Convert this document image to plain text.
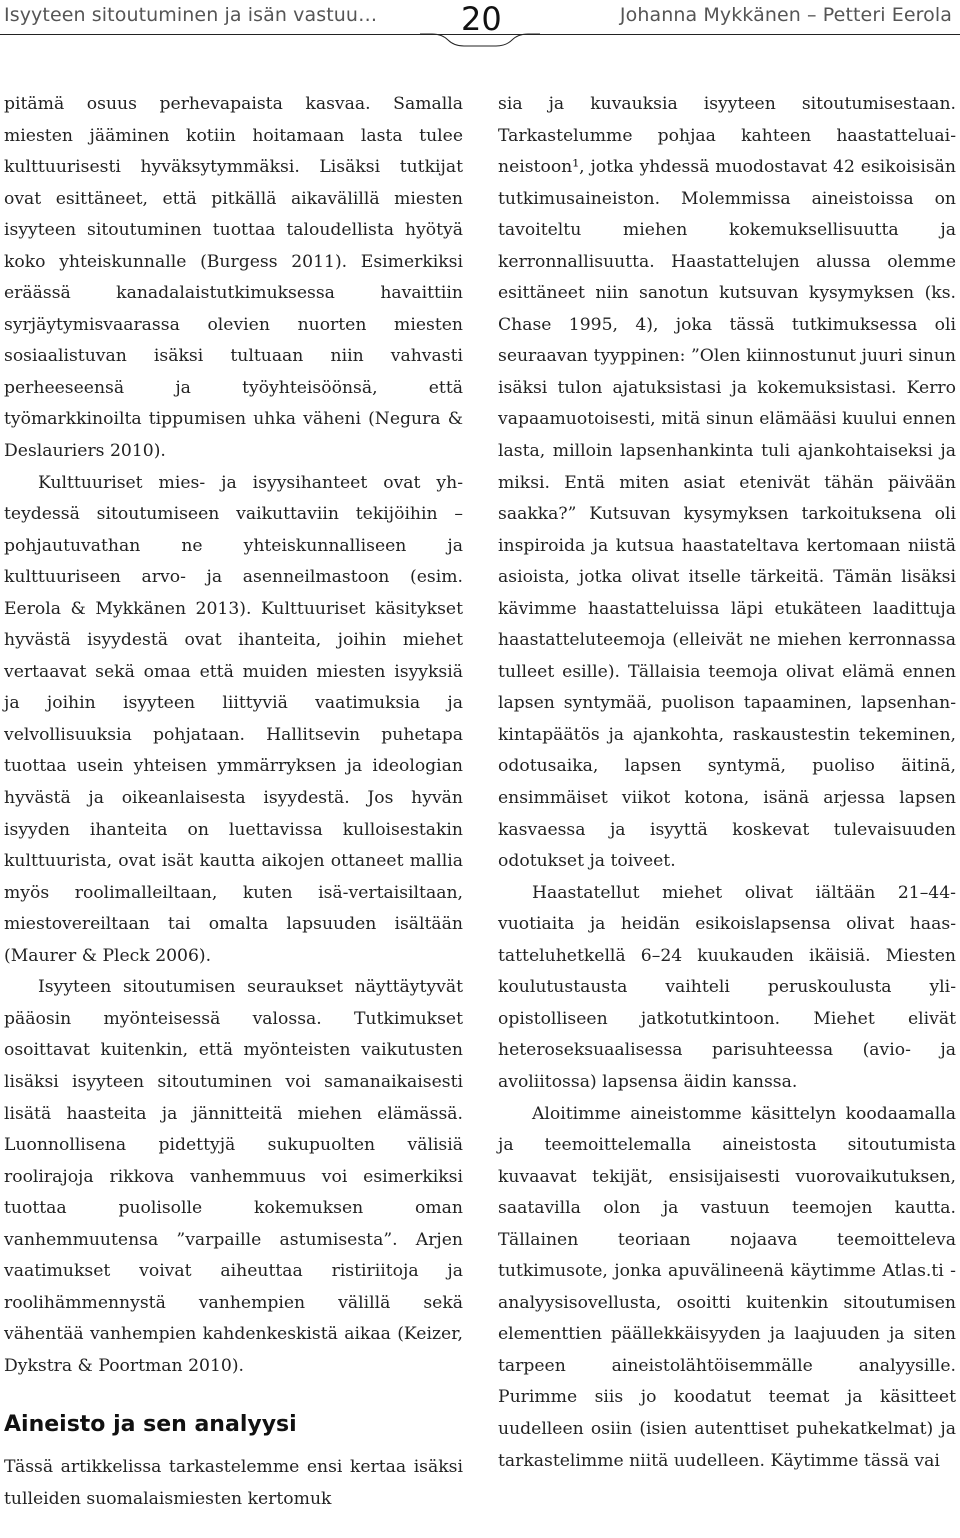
Isyyteen sitoutuminen ja isän vastuu…	20	Johanna Mykkänen – Petteri Eerola

pitämä osuus perhevapaista kasvaa. Samalla miesten jääminen kotiin hoitamaan lasta tulee kulttuurisesti hyväksytymmäksi. Lisäksi tutkijat ovat esittäneet, että pitkällä aikavälillä miesten isyyteen sitoutuminen tuottaa taloudellista hyötyä koko yhteiskunnalle (Burgess 2011). Esimerkiksi eräässä kanadalaistutkimuksessa havaittiin syrjäytymisvaarassa olevien nuorten miesten sosiaalistuvan isäksi tultuaan niin vahvasti perheeseensä ja työyhteisöönsä, että työmarkkinoilta tippumisen uhka väheni (Negura & Deslauriers 2010).

Kulttuuriset mies- ja isyysihanteet ovat yhteydessä sitoutumiseen vaikuttaviin tekijöihin – pohjautuvathan ne yhteiskunnalliseen ja kulttuuriseen arvo- ja asenneilmastoon (esim. Eerola & Mykkänen 2013). Kulttuuriset käsitykset hyvästä isyydestä ovat ihanteita, joihin miehet vertaavat sekä omaa että muiden miesten isyyksiä ja joihin isyyteen liittyviä vaatimuksia ja velvollisuuksia pohjataan. Hallitsevin puhetapa tuottaa usein yhteisen ymmärryksen ja ideologian hyvästä ja oikeanlaisesta isyydestä. Jos hyvän isyyden ihanteita on luettavissa kulloisestakin kulttuurista, ovat isät kautta aikojen ottaneet mallia myös roolimalleiltaan, kuten isä-vertaisiltaan, miestovereiltaan tai omalta lapsuuden isältään (Maurer & Pleck 2006).

Isyyteen sitoutumisen seuraukset näyttäytyvät pääosin myönteisessä valossa. Tutkimukset osoittavat kuitenkin, että myönteisten vaikutusten lisäksi isyyteen sitoutuminen voi samanaikaisesti lisätä haasteita ja jännitteitä miehen elämässä. Luonnollisena pidettyjä sukupuolten välisiä roolirajoja rikkova vanhemmuus voi esimerkiksi tuottaa puolisolle kokemuksen oman vanhemmuutensa ”varpaille astumisesta”. Arjen vaatimukset voivat aiheuttaa ristiriitoja ja roolihämmennystä vanhempien välillä sekä vähentää vanhempien kahdenkeskistä aikaa (Keizer, Dykstra & Poortman 2010).

Aineisto ja sen analyysi

Tässä artikkelissa tarkastelemme ensi kertaa isäksi tulleiden suomalaismiesten kertomuk

sia ja kuvauksia isyyteen sitoutumisestaan. Tarkastelumme pohjaa kahteen haastatteluaineistoon¹, jotka yhdessä muodostavat 42 esikoisisän tutkimusaineiston. Molemmissa aineistoissa on tavoiteltu miehen kokemuksellisuutta ja kerronnallisuutta. Haastattelujen alussa olemme esittäneet niin sanotun kutsuvan kysymyksen (ks. Chase 1995, 4), joka tässä tutkimuksessa oli seuraavan tyyppinen: ”Olen kiinnostunut juuri sinun isäksi tulon ajatuksistasi ja kokemuksistasi. Kerro vapaamuotoisesti, mitä sinun elämääsi kuului ennen lasta, milloin lapsenhankinta tuli ajankohtaiseksi ja miksi. Entä miten asiat etenivät tähän päivään saakka?” Kutsuvan kysymyksen tarkoituksena oli inspiroida ja kutsua haastateltava kertomaan niistä asioista, jotka olivat itselle tärkeitä. Tämän lisäksi kävimme haastatteluissa läpi etukäteen laadittuja haastatteluteemoja (elleivät ne miehen kerronnassa tulleet esille). Tällaisia teemoja olivat elämä ennen lapsen syntymää, puolison tapaaminen, lapsenhankintapäätös ja ajankohta, raskaustestin tekeminen, odotusaika, lapsen syntymä, puoliso äitinä, ensimmäiset viikot kotona, isänä arjessa lapsen kasvaessa ja isyyttä koskevat tulevaisuuden odotukset ja toiveet.

Haastatellut miehet olivat iältään 21–44-vuotiaita ja heidän esikoislapsensa olivat haastatteluhetkellä 6–24 kuukauden ikäisiä. Miesten koulutustausta vaihteli peruskoulusta yliopistolliseen jatkotutkintoon. Miehet elivät heteroseksuaalisessa parisuhteessa (avio- ja avoliitossa) lapsensa äidin kanssa.

Aloitimme aineistomme käsittelyn koodaamalla ja teemoittelemalla aineistosta sitoutumista kuvaavat tekijät, ensisijaisesti vuorovaikutuksen, saatavilla olon ja vastuun teemojen kautta. Tällainen teoriaan nojaava teemoitteleva tutkimusote, jonka apuvälineenä käytimme Atlas.ti -analyysisovellusta, osoitti kuitenkin sitoutumisen elementtien päällekkäisyyden ja laajuuden ja siten tarpeen aineistolähtöisemmälle analyysille. Purimme siis jo koodatut teemat ja käsitteet uudelleen osiin (isien autenttiset puhekatkelmat) ja tarkastelimme niitä uudelleen. Käytimme tässä vai
